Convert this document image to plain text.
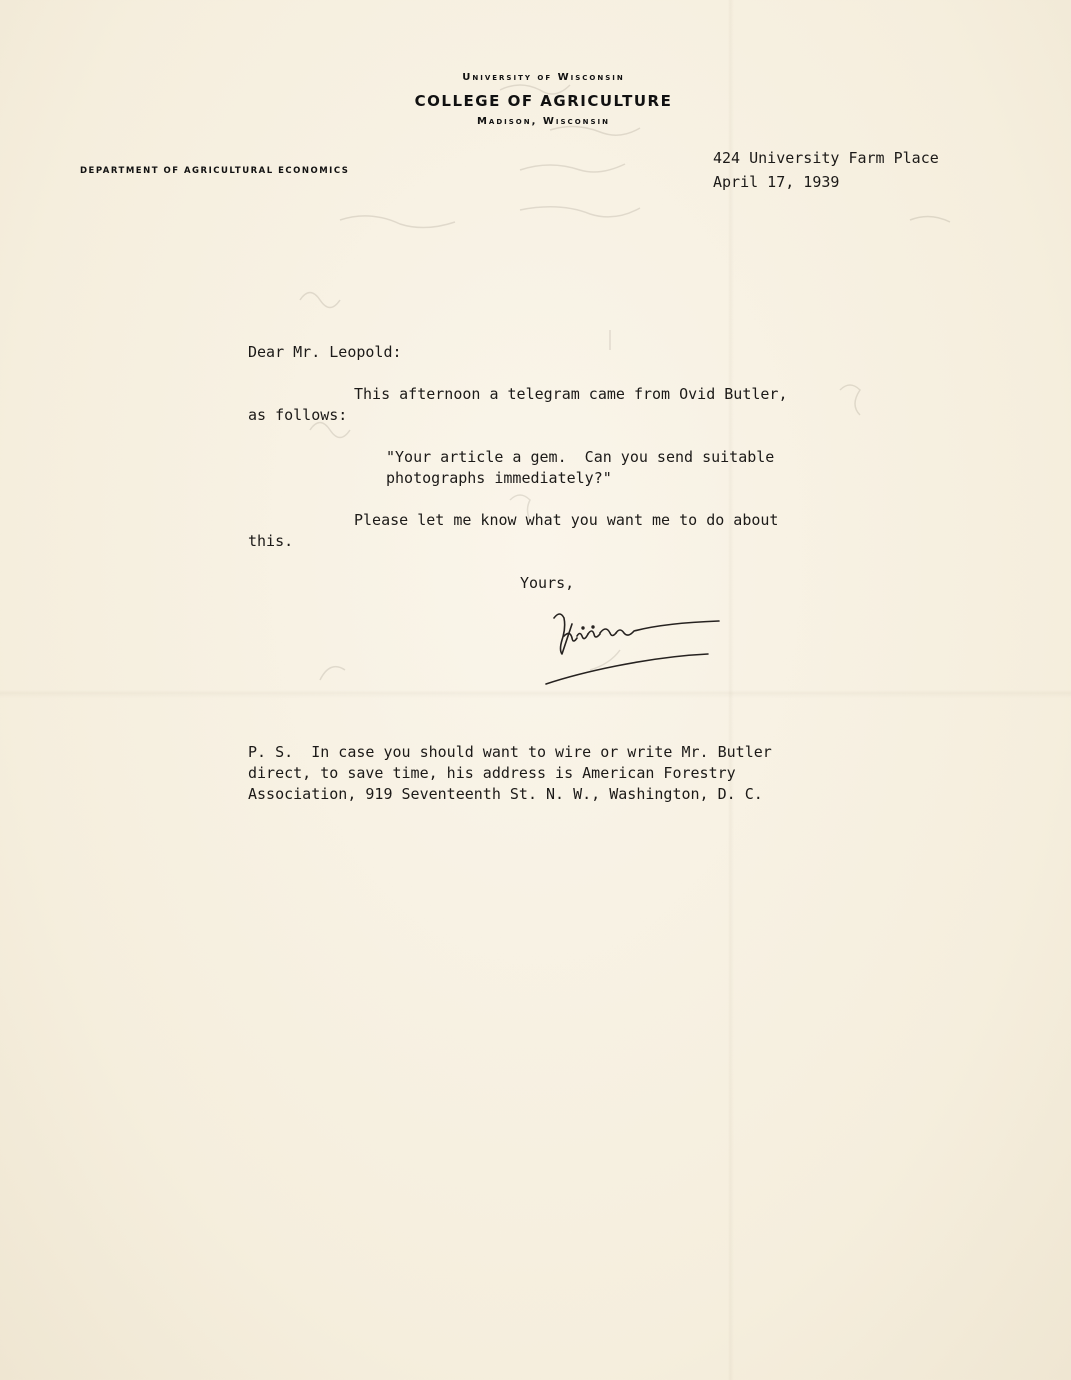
University of Wisconsin
COLLEGE OF AGRICULTURE
Madison, Wisconsin
DEPARTMENT OF AGRICULTURAL ECONOMICS
424 University Farm Place
April 17, 1939
Dear Mr. Leopold:
This afternoon a telegram came from Ovid Butler,
as follows:
"Your article a gem.  Can you send suitable
photographs immediately?"
Please let me know what you want me to do about
this.
Yours,
P. S.  In case you should want to wire or write Mr. Butler
direct, to save time, his address is American Forestry
Association, 919 Seventeenth St. N. W., Washington, D. C.
